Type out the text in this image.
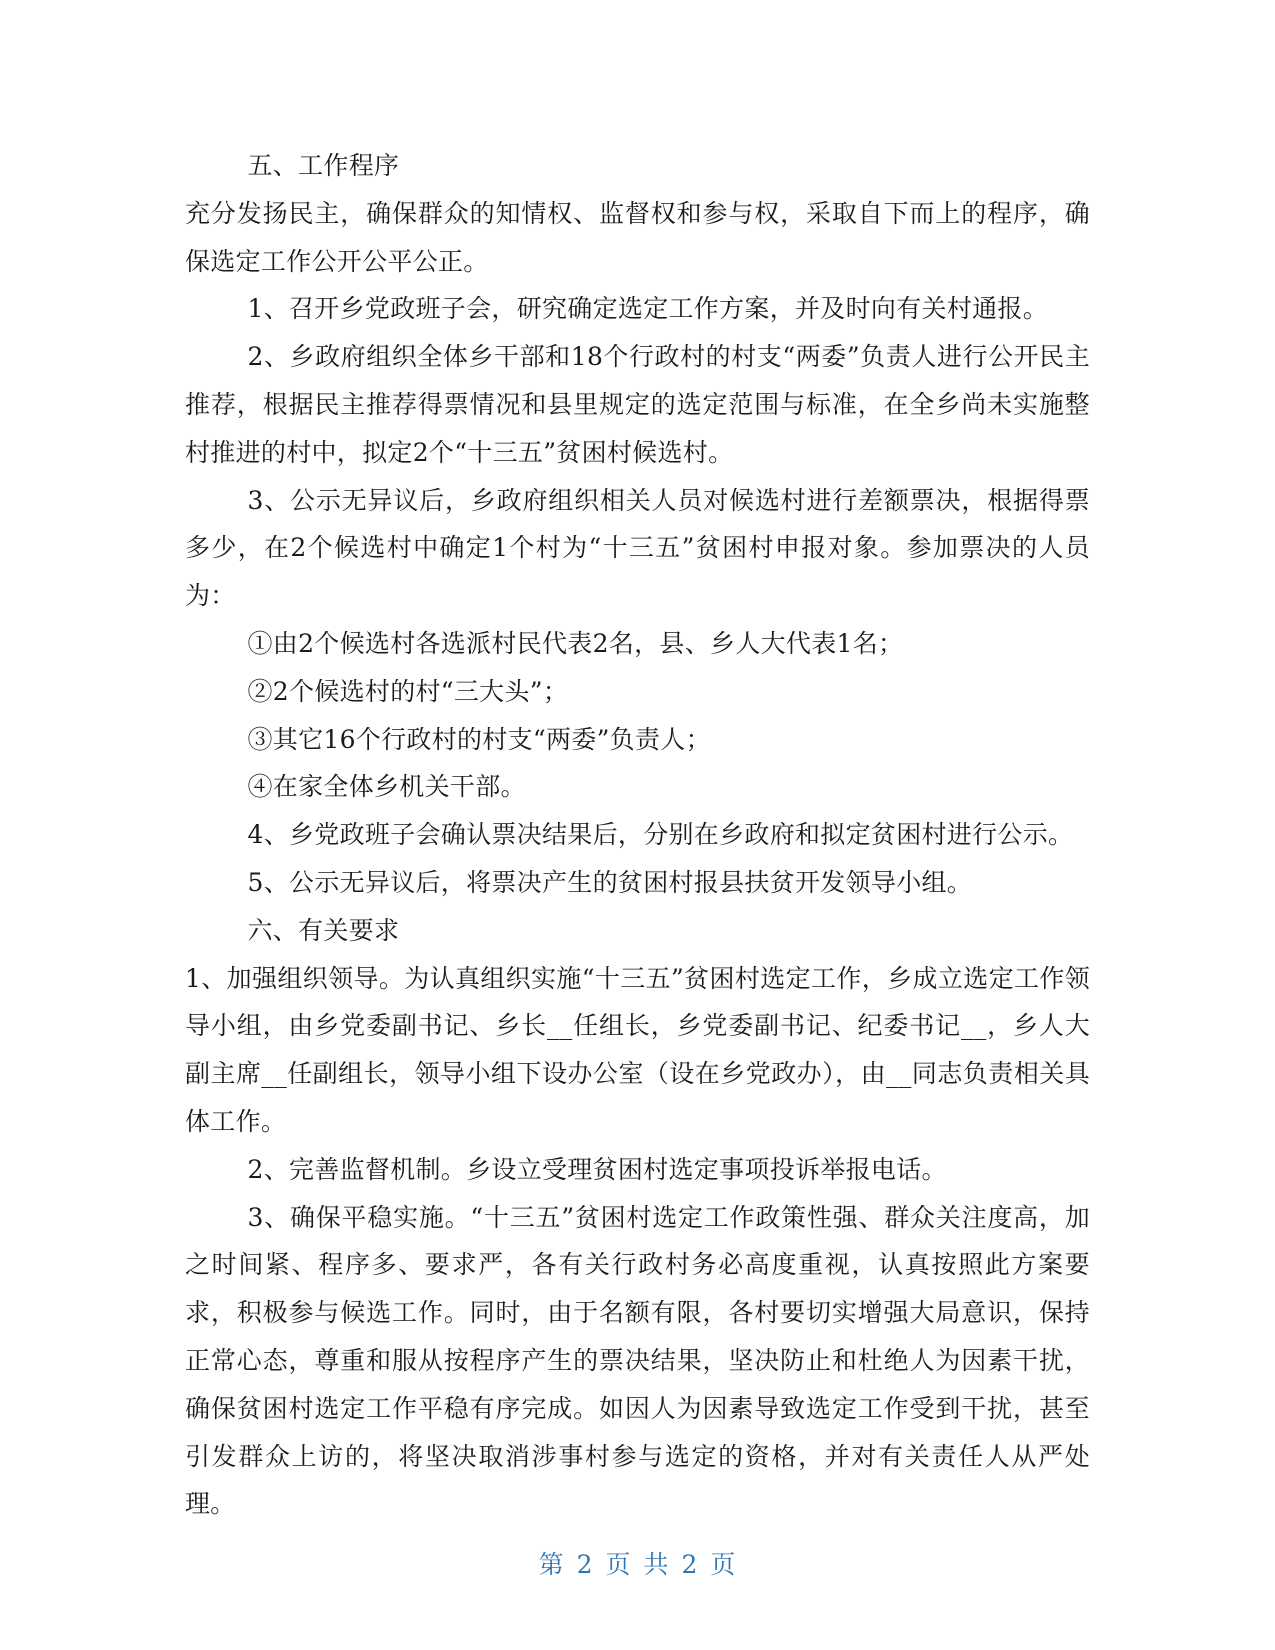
五、工作程序

充分发扬民主，确保群众的知情权、监督权和参与权，采取自下而上的程序，确保选定工作公开公平公正。

1、召开乡党政班子会，研究确定选定工作方案，并及时向有关村通报。

2、乡政府组织全体乡干部和18个行政村的村支“两委”负责人进行公开民主推荐，根据民主推荐得票情况和县里规定的选定范围与标准，在全乡尚未实施整村推进的村中，拟定2个“十三五”贫困村候选村。

3、公示无异议后，乡政府组织相关人员对候选村进行差额票决，根据得票多少，在2个候选村中确定1个村为“十三五”贫困村申报对象。参加票决的人员为：

①由2个候选村各选派村民代表2名，县、乡人大代表1名；

②2个候选村的村“三大头”；

③其它16个行政村的村支“两委”负责人；

④在家全体乡机关干部。

4、乡党政班子会确认票决结果后，分别在乡政府和拟定贫困村进行公示。

5、公示无异议后，将票决产生的贫困村报县扶贫开发领导小组。

六、有关要求

1、加强组织领导。为认真组织实施“十三五”贫困村选定工作，乡成立选定工作领导小组，由乡党委副书记、乡长__任组长，乡党委副书记、纪委书记__，乡人大副主席__任副组长，领导小组下设办公室（设在乡党政办），由__同志负责相关具体工作。

2、完善监督机制。乡设立受理贫困村选定事项投诉举报电话。

3、确保平稳实施。“十三五”贫困村选定工作政策性强、群众关注度高，加之时间紧、程序多、要求严，各有关行政村务必高度重视，认真按照此方案要求，积极参与候选工作。同时，由于名额有限，各村要切实增强大局意识，保持正常心态，尊重和服从按程序产生的票决结果，坚决防止和杜绝人为因素干扰，确保贫困村选定工作平稳有序完成。如因人为因素导致选定工作受到干扰，甚至引发群众上访的，将坚决取消涉事村参与选定的资格，并对有关责任人从严处理。

第 2 页 共 2 页
